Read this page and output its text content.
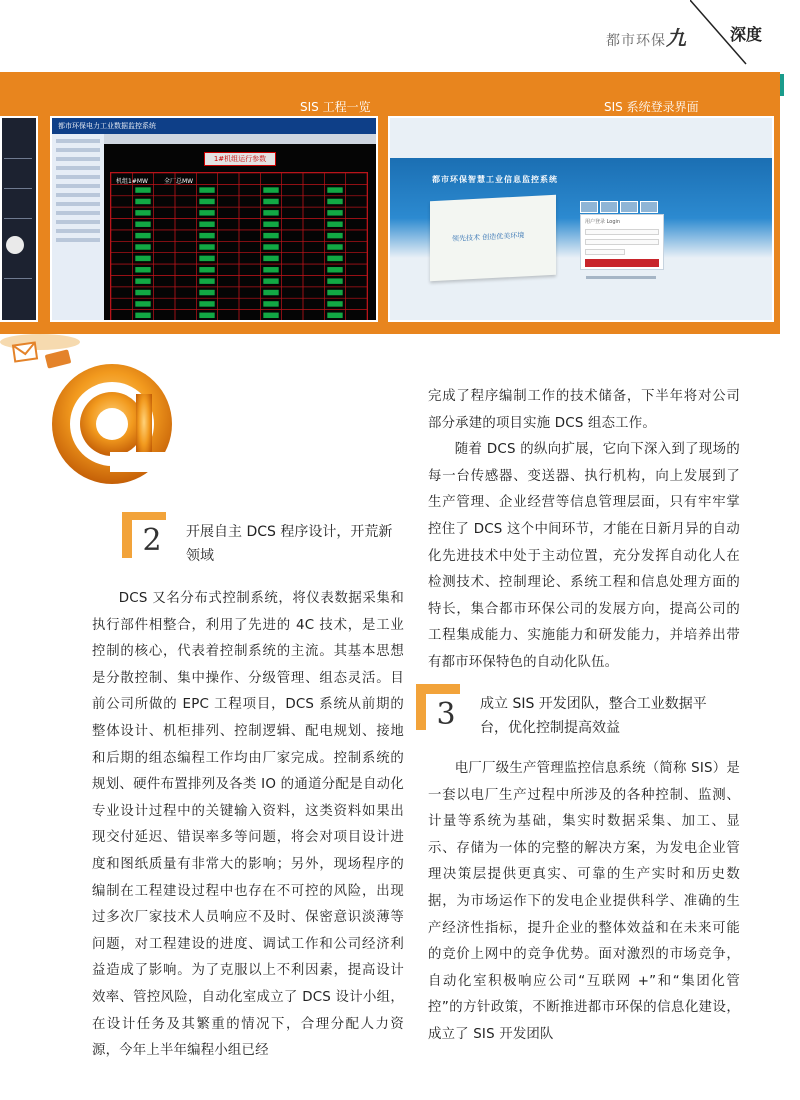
都市环保九	深度
SIS 工程一览	SIS 系统登录界面
都市环保电力工业数据监控系统
1#机组运行参数
机组1#MW	全厂总MW	都市环保智慧工业信息监控系统
领先技术 创造优美环境
用户登录 Login
2	开展自主 DCS 程序设计，开荒新领域
3	成立 SIS 开发团队，整合工业数据平台，优化控制提高效益

DCS 又名分布式控制系统，将仪表数据采集和执行部件相整合，利用了先进的 4C 技术，是工业控制的核心，代表着控制系统的主流。其基本思想是分散控制、集中操作、分级管理、组态灵活。目前公司所做的 EPC 工程项目，DCS 系统从前期的整体设计、机柜排列、控制逻辑、配电规划、接地和后期的组态编程工作均由厂家完成。控制系统的规划、硬件布置排列及各类 IO 的通道分配是自动化专业设计过程中的关键输入资料，这类资料如果出现交付延迟、错误率多等问题，将会对项目设计进度和图纸质量有非常大的影响；另外，现场程序的编制在工程建设过程中也存在不可控的风险，出现过多次厂家技术人员响应不及时、保密意识淡薄等问题，对工程建设的进度、调试工作和公司经济利益造成了影响。为了克服以上不利因素，提高设计效率、管控风险，自动化室成立了 DCS 设计小组，在设计任务及其繁重的情况下，合理分配人力资源，今年上半年编程小组已经

完成了程序编制工作的技术储备，下半年将对公司部分承建的项目实施 DCS 组态工作。

随着 DCS 的纵向扩展，它向下深入到了现场的每一台传感器、变送器、执行机构，向上发展到了生产管理、企业经营等信息管理层面，只有牢牢掌控住了 DCS 这个中间环节，才能在日新月异的自动化先进技术中处于主动位置，充分发挥自动化人在检测技术、控制理论、系统工程和信息处理方面的特长，集合都市环保公司的发展方向，提高公司的工程集成能力、实施能力和研发能力，并培养出带有都市环保特色的自动化队伍。

电厂厂级生产管理监控信息系统（简称 SIS）是一套以电厂生产过程中所涉及的各种控制、监测、计量等系统为基础，集实时数据采集、加工、显示、存储为一体的完整的解决方案，为发电企业管理决策层提供更真实、可靠的生产实时和历史数据，为市场运作下的发电企业提供科学、准确的生产经济性指标，提升企业的整体效益和在未来可能的竞价上网中的竞争优势。面对激烈的市场竞争，自动化室积极响应公司“互联网 +”和“集团化管控”的方针政策，不断推进都市环保的信息化建设，成立了 SIS 开发团队
